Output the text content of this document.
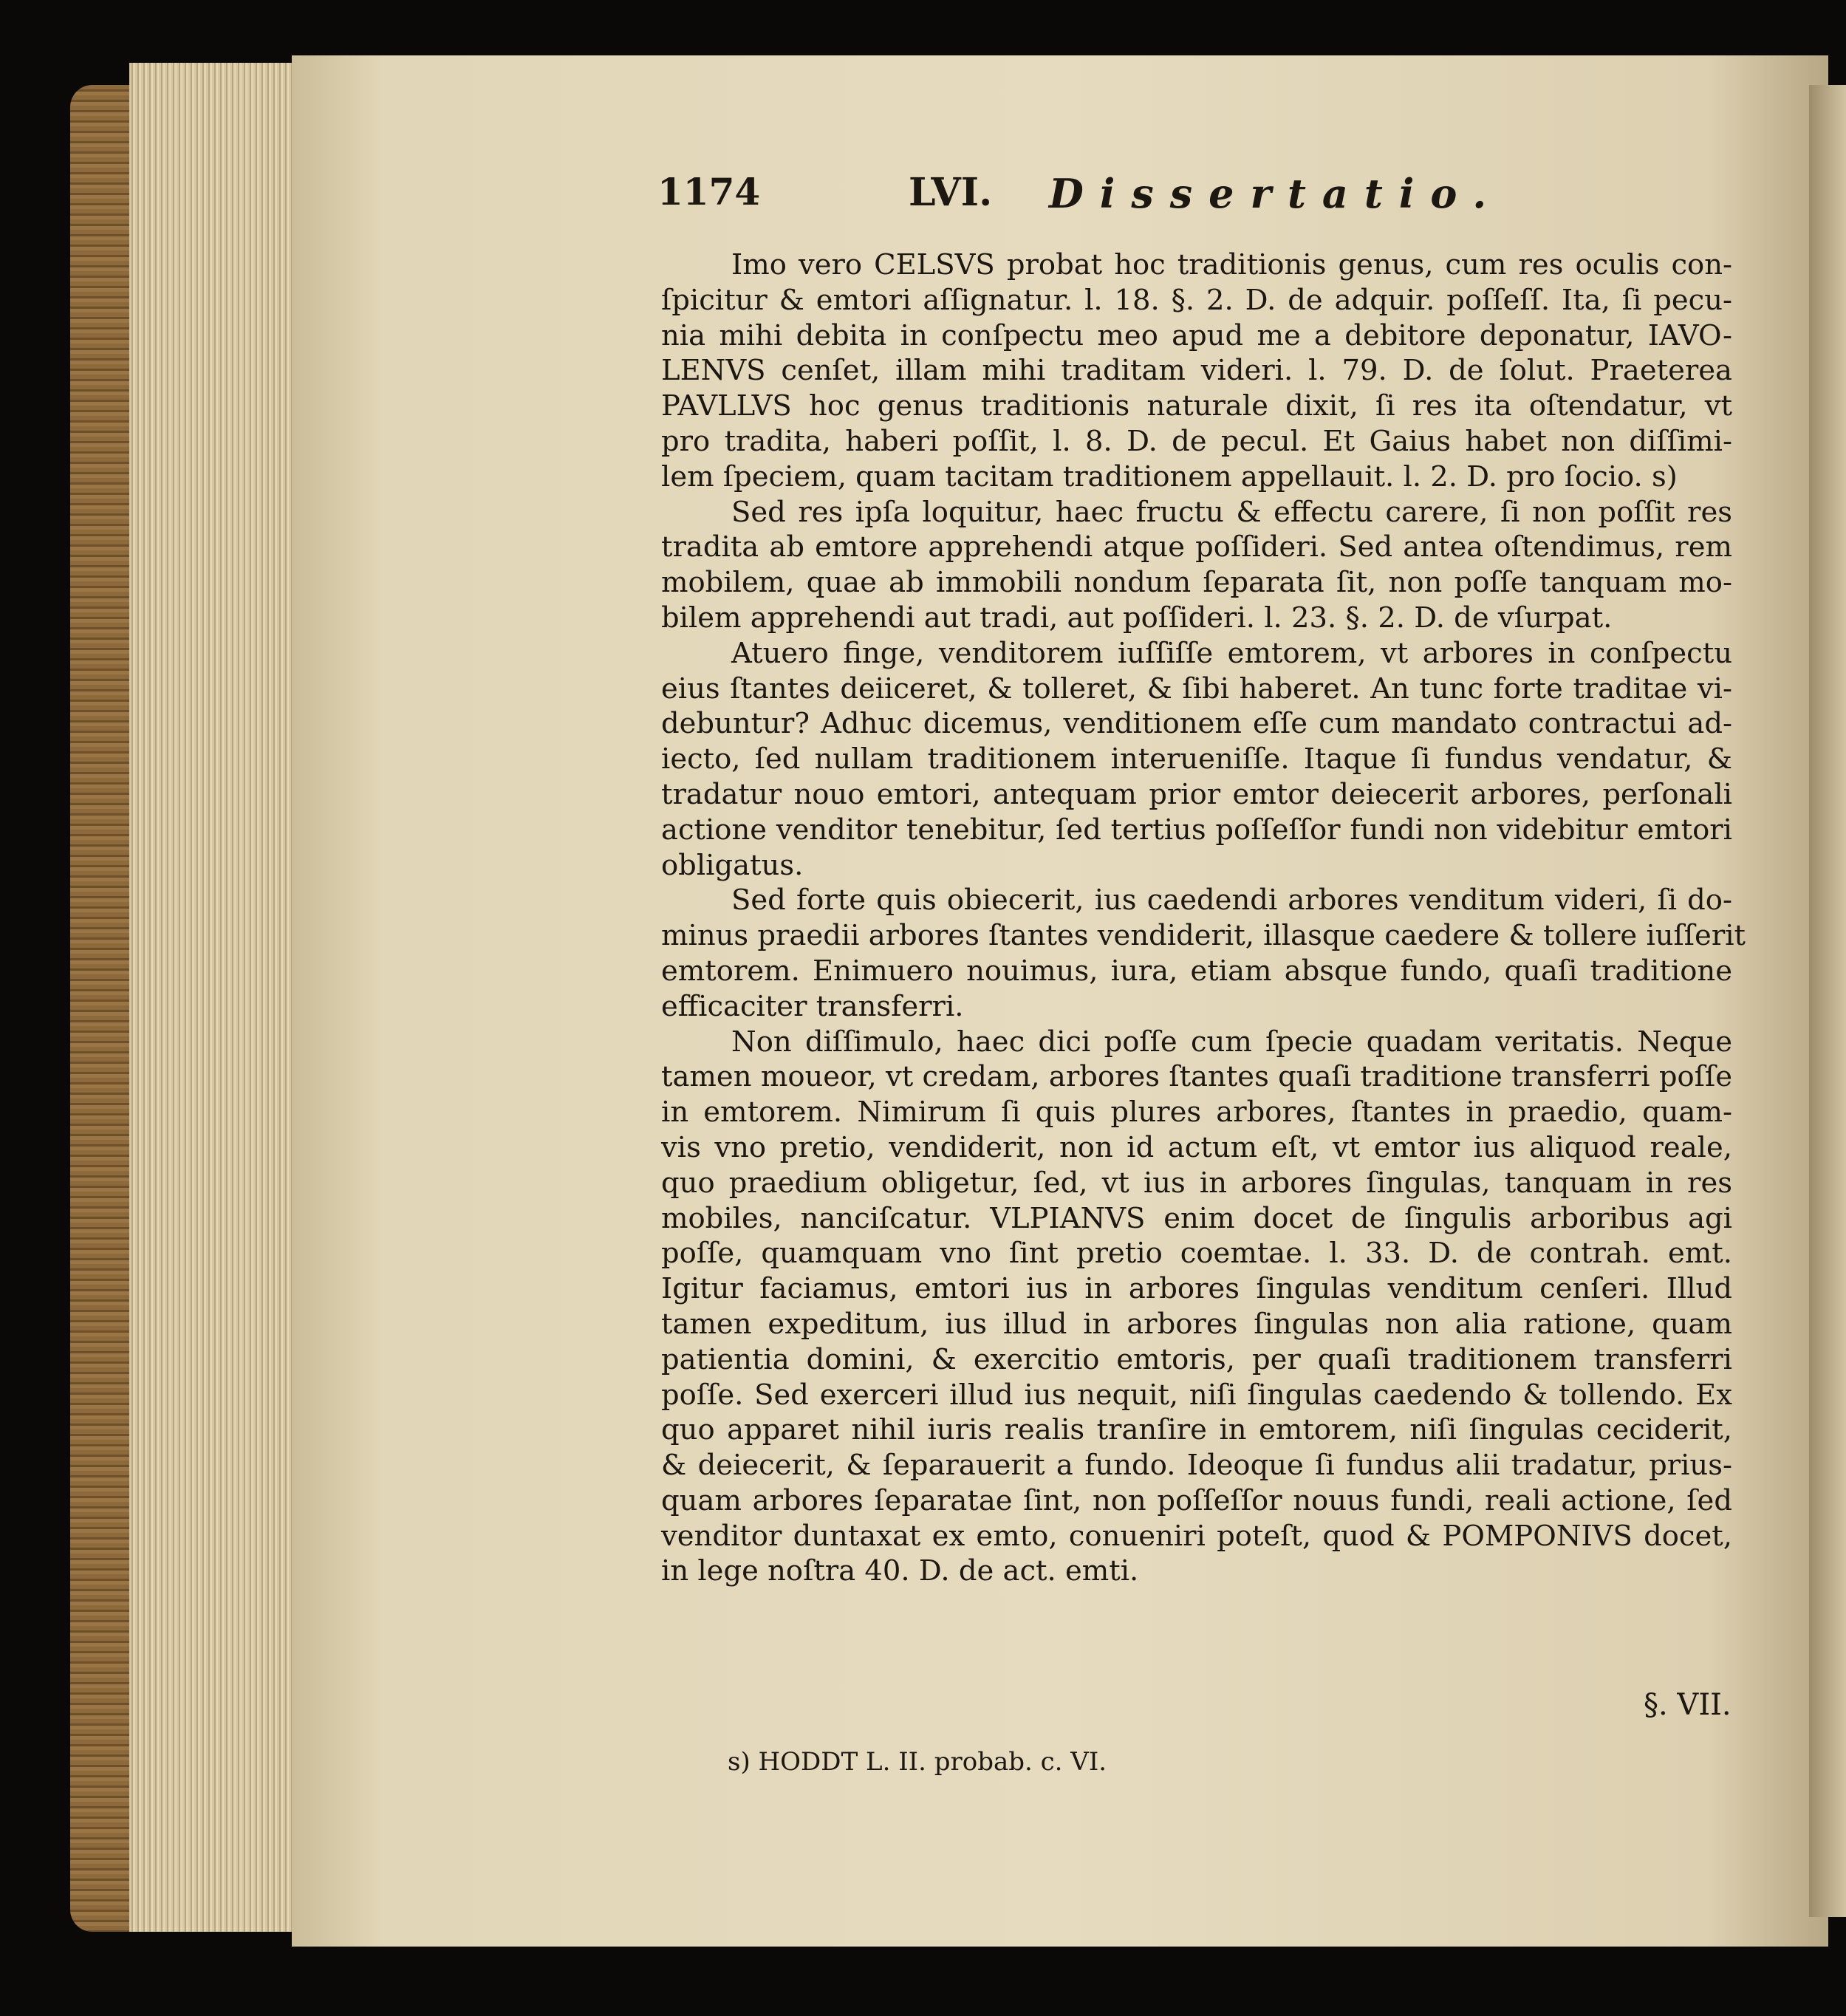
1174	LVI. Dissertatio.
Imo vero CELSVS probat hoc traditionis genus, cum res oculis con-
ſpicitur & emtori aſſignatur. l. 18. §. 2. D. de adquir. poſſeſſ. Ita, ſi pecu-
nia mihi debita in conſpectu meo apud me a debitore deponatur, IAVO-
LENVS cenſet, illam mihi traditam videri. l. 79. D. de ſolut. Praeterea
PAVLLVS hoc genus traditionis naturale dixit, ſi res ita oſtendatur, vt
pro tradita, haberi poſſit, l. 8. D. de pecul. Et Gaius habet non diſſimi-
lem ſpeciem, quam tacitam traditionem appellauit. l. 2. D. pro ſocio. s)
Sed res ipſa loquitur, haec fructu & effectu carere, ſi non poſſit res
tradita ab emtore apprehendi atque poſſideri. Sed antea oſtendimus, rem
mobilem, quae ab immobili nondum ſeparata ſit, non poſſe tanquam mo-
bilem apprehendi aut tradi, aut poſſideri. l. 23. §. 2. D. de vſurpat.
Atuero finge, venditorem iuſſiſſe emtorem, vt arbores in conſpectu
eius ſtantes deiiceret, & tolleret, & ſibi haberet. An tunc forte traditae vi-
debuntur? Adhuc dicemus, venditionem eſſe cum mandato contractui ad-
iecto, ſed nullam traditionem interueniſſe. Itaque ſi fundus vendatur, &
tradatur nouo emtori, antequam prior emtor deiecerit arbores, perſonali
actione venditor tenebitur, ſed tertius poſſeſſor fundi non videbitur emtori
obligatus.
Sed forte quis obiecerit, ius caedendi arbores venditum videri, ſi do-
minus praedii arbores ſtantes vendiderit, illasque caedere & tollere iuſſerit
emtorem. Enimuero nouimus, iura, etiam absque fundo, quaſi traditione
efficaciter transferri.
Non diſſimulo, haec dici poſſe cum ſpecie quadam veritatis. Neque
tamen moueor, vt credam, arbores ſtantes quaſi traditione transferri poſſe
in emtorem. Nimirum ſi quis plures arbores, ſtantes in praedio, quam-
vis vno pretio, vendiderit, non id actum eſt, vt emtor ius aliquod reale,
quo praedium obligetur, ſed, vt ius in arbores ſingulas, tanquam in res
mobiles, nanciſcatur. VLPIANVS enim docet de ſingulis arboribus agi
poſſe, quamquam vno ſint pretio coemtae. l. 33. D. de contrah. emt.
Igitur faciamus, emtori ius in arbores ſingulas venditum cenſeri. Illud
tamen expeditum, ius illud in arbores ſingulas non alia ratione, quam
patientia domini, & exercitio emtoris, per quaſi traditionem transferri
poſſe. Sed exerceri illud ius nequit, niſi ſingulas caedendo & tollendo. Ex
quo apparet nihil iuris realis tranſire in emtorem, niſi ſingulas ceciderit,
& deiecerit, & ſeparauerit a fundo. Ideoque ſi fundus alii tradatur, prius-
quam arbores ſeparatae ſint, non poſſeſſor nouus fundi, reali actione, ſed
venditor duntaxat ex emto, conueniri poteſt, quod & POMPONIVS docet,
in lege noſtra 40. D. de act. emti.
§. VII.
s) HODDT L. II. probab. c. VI.
